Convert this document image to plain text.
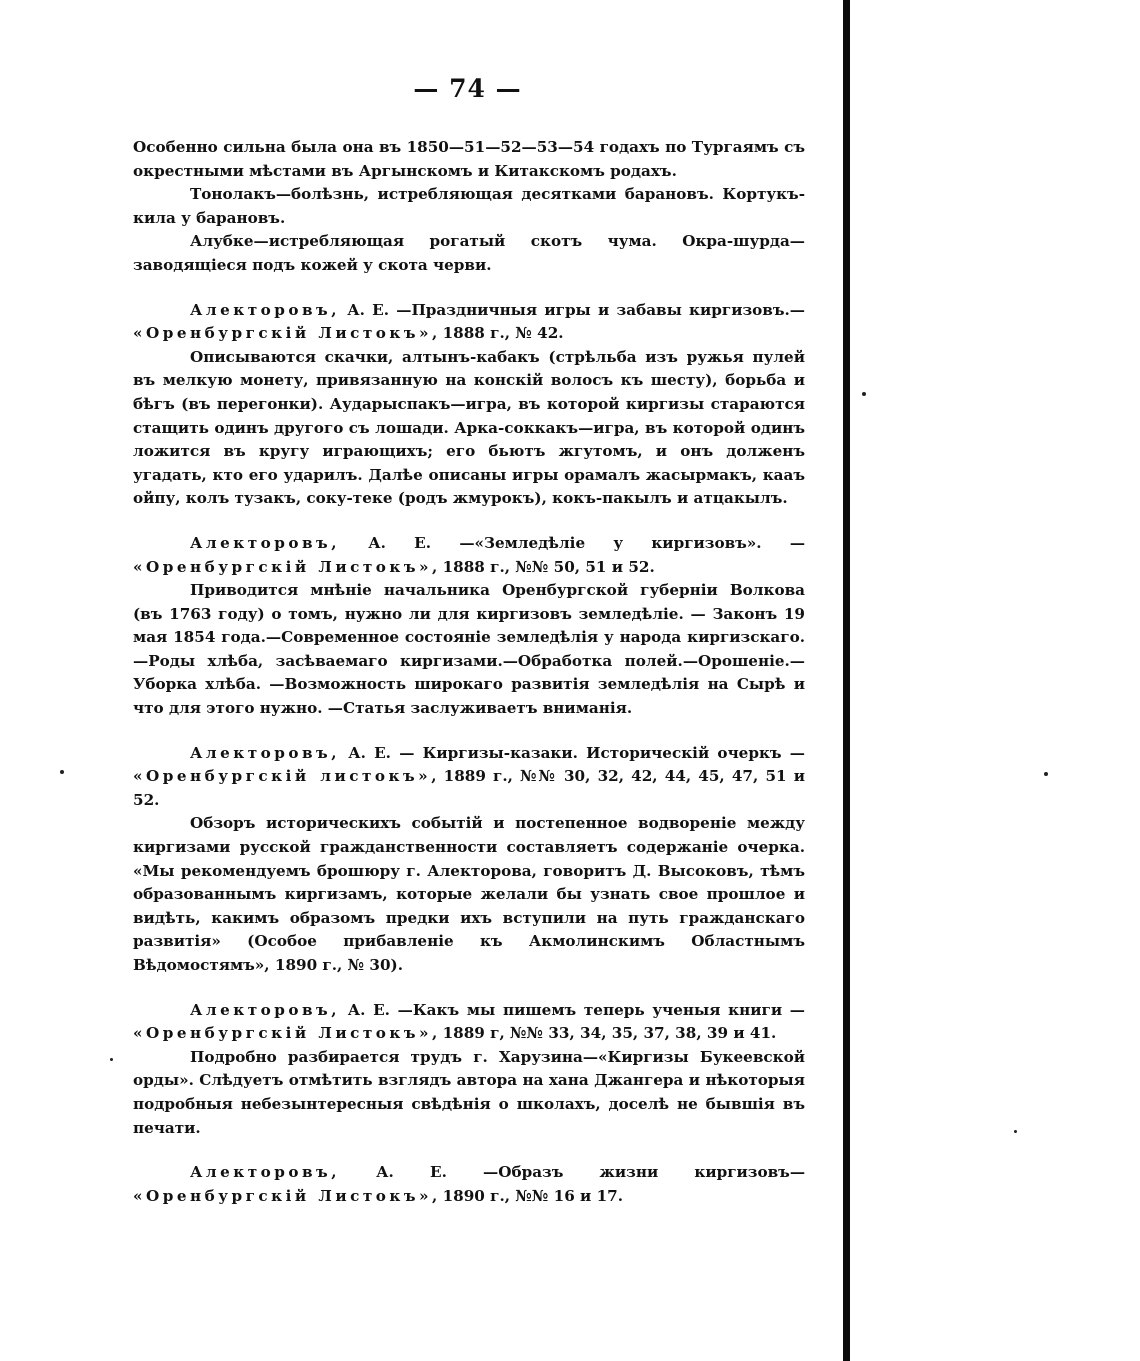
— 74 —

Особенно сильна была она въ 1850—51—52—53—54 годахъ по Тургаямъ съ окрестными мѣстами въ Аргынскомъ и Китакскомъ родахъ.

Тонолакъ—болѣзнь, истребляющая десятками барановъ. Кортукъ-кила у барановъ.

Алубке—истребляющая рогатый скотъ чума. Окра-шурда—заводящіеся подъ кожей у скота черви.

Алекторовъ, А. Е. —Праздничныя игры и забавы киргизовъ.— «Оренбургскій Листокъ», 1888 г., № 42.

Описываются скачки, алтынъ-кабакъ (стрѣльба изъ ружья пулей въ мелкую монету, привязанную на конскій волосъ къ шесту), борьба и бѣгъ (въ перегонки). Аударыспакъ—игра, въ которой киргизы стараются стащить одинъ другого съ лошади. Арка-соккакъ—игра, въ которой одинъ ложится въ кругу играющихъ; его бьютъ жгутомъ, и онъ долженъ угадать, кто его ударилъ. Далѣе описаны игры орамалъ жасырмакъ, кааъ ойпу, колъ тузакъ, соку-теке (родъ жмурокъ), кокъ-пакылъ и атцакылъ.

Алекторовъ, А. Е. —«Земледѣліе у киргизовъ». — «Оренбургскій Листокъ», 1888 г., №№ 50, 51 и 52.

Приводится мнѣніе начальника Оренбургской губерніи Волкова (въ 1763 году) о томъ, нужно ли для киргизовъ земледѣліе. — Законъ 19 мая 1854 года.—Современное состояніе земледѣлія у народа киргизскаго.—Роды хлѣба, засѣваемаго киргизами.—Обработка полей.—Орошеніе.—Уборка хлѣба. —Возможность широкаго развитія земледѣлія на Сырѣ и что для этого нужно. —Статья заслуживаетъ вниманія.

Алекторовъ, А. Е. — Киргизы-казаки. Историческій очеркъ — «Оренбургскій листокъ», 1889 г., №№ 30, 32, 42, 44, 45, 47, 51 и 52.

Обзоръ историческихъ событій и постепенное водвореніе между киргизами русской гражданственности составляетъ содержаніе очерка. «Мы рекомендуемъ брошюру г. Алекторова, говоритъ Д. Высоковъ, тѣмъ образованнымъ киргизамъ, которые желали бы узнать свое прошлое и видѣть, какимъ образомъ предки ихъ вступили на путь гражданскаго развитія» (Особое прибавленіе къ Акмолинскимъ Областнымъ Вѣдомостямъ», 1890 г., № 30).

Алекторовъ, А. Е. —Какъ мы пишемъ теперь ученыя книги — «Оренбургскій Листокъ», 1889 г, №№ 33, 34, 35, 37, 38, 39 и 41.

Подробно разбирается трудъ г. Харузина—«Киргизы Букеевской орды». Слѣдуетъ отмѣтить взглядъ автора на хана Джангера и нѣкоторыя подробныя небезынтересныя свѣдѣнія о школахъ, доселѣ не бывшія въ печати.

Алекторовъ, А. Е. —Образъ жизни киргизовъ— «Оренбургскій Листокъ», 1890 г., №№ 16 и 17.
